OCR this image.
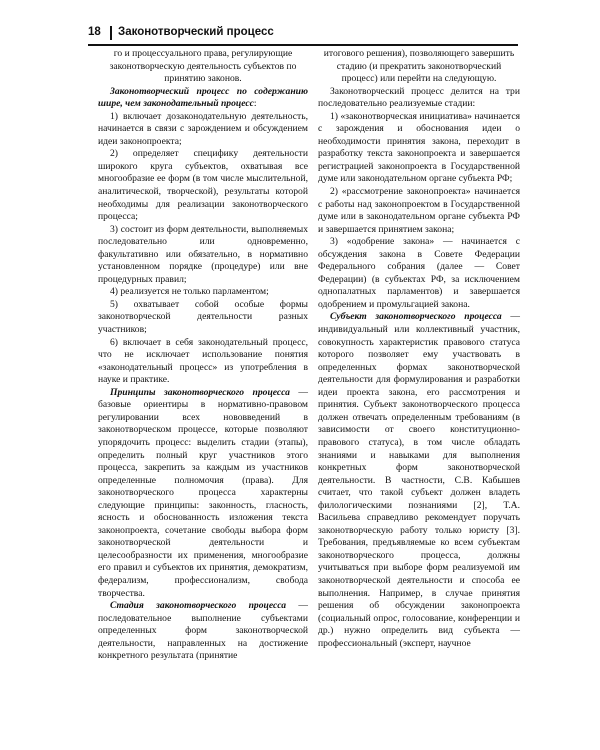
18 Законотворческий процесс

го и процессуального права, регулирующие законотворческую деятельность субъектов по принятию законов.

Законотворческий процесс по содержанию шире, чем законодательный процесс:

1) включает дозаконодательную деятельность, начинается в связи с зарождением и обсуждением идеи законопроекта;

2) определяет специфику деятельности широкого круга субъектов, охватывая все многообразие ее форм (в том числе мыслительной, аналитической, творческой), результаты которой необходимы для реализации законотворческого процесса;

3) состоит из форм деятельности, выполняемых последовательно или одновременно, факультативно или обязательно, в нормативно установленном порядке (процедуре) или вне процедурных правил;

4) реализуется не только парламентом;

5) охватывает собой особые формы законотворческой деятельности разных участников;

6) включает в себя законодательный процесс, что не исключает использование понятия «законодательный процесс» из употребления в науке и практике.

Принципы законотворческого процесса — базовые ориентиры в нормативно-правовом регулировании всех нововведений в законотворческом процессе, которые позволяют упорядочить процесс: выделить стадии (этапы), определить полный круг участников этого процесса, закрепить за каждым из участников определенные полномочия (права). Для законотворческого процесса характерны следующие принципы: законность, гласность, ясность и обоснованность изложения текста законопроекта, сочетание свободы выбора форм законотворческой деятельности и целесообразности их применения, многообразие его правил и субъектов их принятия, демократизм, федерализм, профессионализм, свобода творчества.

Стадия законотворческого процесса — последовательное выполнение субъектами определенных форм законотворческой деятельности, направленных на достижение конкретного результата (принятие

итогового решения), позволяющего завершить стадию (и прекратить законотворческий процесс) или перейти на следующую.

Законотворческий процесс делится на три последовательно реализуемые стадии:

1) «законотворческая инициатива» начинается с зарождения и обоснования идеи о необходимости принятия закона, переходит в разработку текста законопроекта и завершается регистрацией законопроекта в Государственной думе или законодательном органе субъекта РФ;

2) «рассмотрение законопроекта» начинается с работы над законопроектом в Государственной думе или в законодательном органе субъекта РФ и завершается принятием закона;

3) «одобрение закона» — начинается с обсуждения закона в Совете Федерации Федерального собрания (далее — Совет Федерации) (в субъектах РФ, за исключением однопалатных парламентов) и завершается одобрением и промульгацией закона.

Субъект законотворческого процесса — индивидуальный или коллективный участник, совокупность характеристик правового статуса которого позволяет ему участвовать в определенных формах законотворческой деятельности для формулирования и разработки идеи проекта закона, его рассмотрения и принятия. Субъект законотворческого процесса должен отвечать определенным требованиям (в зависимости от своего конституционно-правового статуса), в том числе обладать знаниями и навыками для выполнения конкретных форм законотворческой деятельности. В частности, С.В. Кабышев считает, что такой субъект должен владеть филологическими познаниями [2], Т.А. Васильева справедливо рекомендует поручать законотворческую работу только юристу [3]. Требования, предъявляемые ко всем субъектам законотворческого процесса, должны учитываться при выборе форм реализуемой им законотворческой деятельности и способа ее выполнения. Например, в случае принятия решения об обсуждении законопроекта (социальный опрос, голосование, конференции и др.) нужно определить вид субъекта — профессиональный (эксперт, научное
